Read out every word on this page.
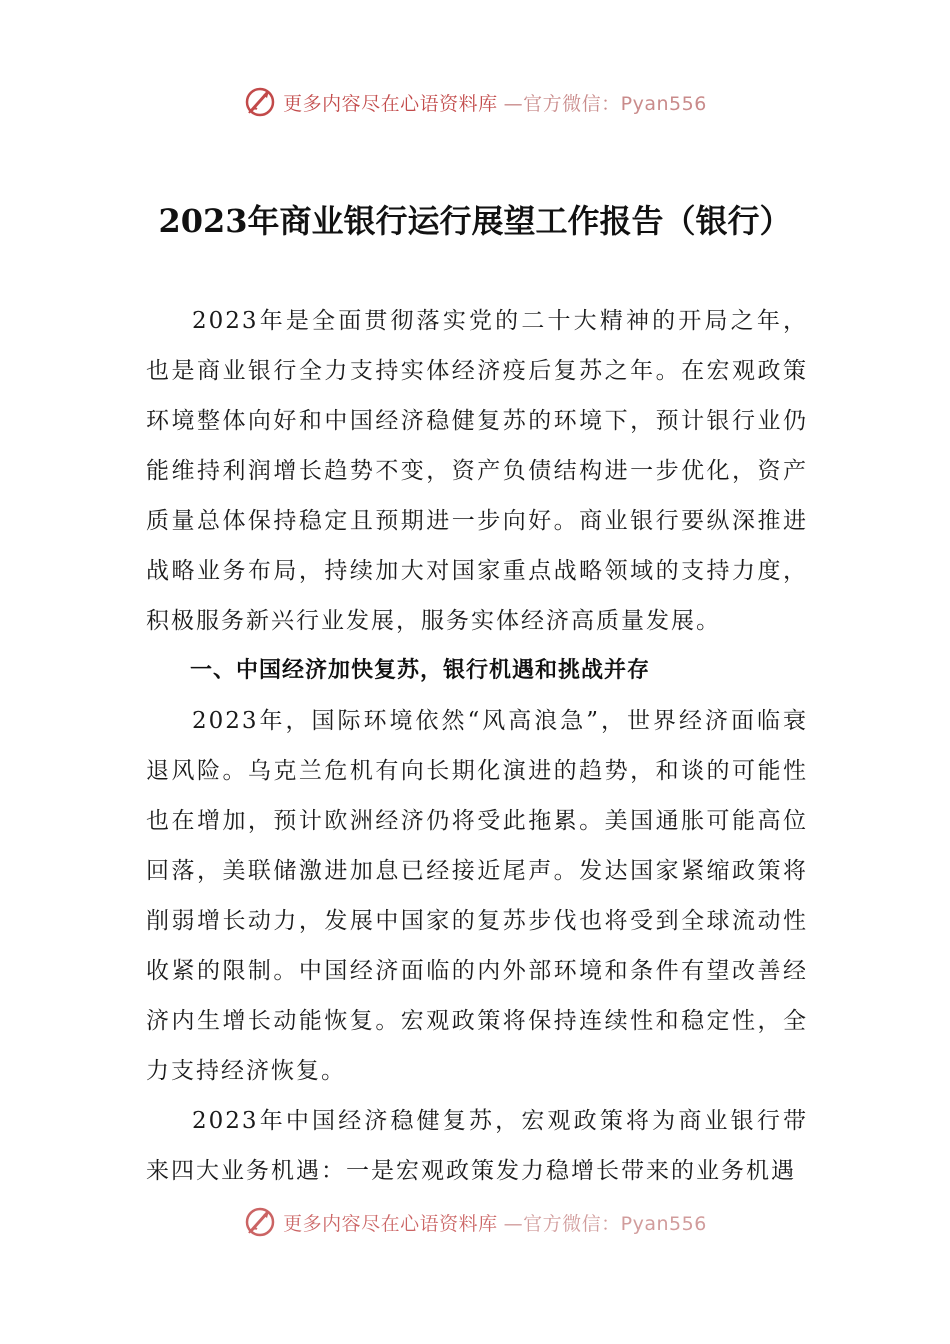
更多内容尽在心语资料库 —官方微信：Pyan556
2023年商业银行运行展望工作报告（银行）

2023年是全面贯彻落实党的二十大精神的开局之年，也是商业银行全力支持实体经济疫后复苏之年。在宏观政策环境整体向好和中国经济稳健复苏的环境下，预计银行业仍能维持利润增长趋势不变，资产负债结构进一步优化，资产质量总体保持稳定且预期进一步向好。商业银行要纵深推进战略业务布局，持续加大对国家重点战略领域的支持力度，积极服务新兴行业发展，服务实体经济高质量发展。

一、中国经济加快复苏，银行机遇和挑战并存

2023年，国际环境依然“风高浪急”，世界经济面临衰退风险。乌克兰危机有向长期化演进的趋势，和谈的可能性也在增加，预计欧洲经济仍将受此拖累。美国通胀可能高位回落，美联储激进加息已经接近尾声。发达国家紧缩政策将削弱增长动力，发展中国家的复苏步伐也将受到全球流动性收紧的限制。中国经济面临的内外部环境和条件有望改善经济内生增长动能恢复。宏观政策将保持连续性和稳定性，全力支持经济恢复。

2023年中国经济稳健复苏，宏观政策将为商业银行带来四大业务机遇：一是宏观政策发力稳增长带来的业务机遇

更多内容尽在心语资料库 —官方微信：Pyan556
